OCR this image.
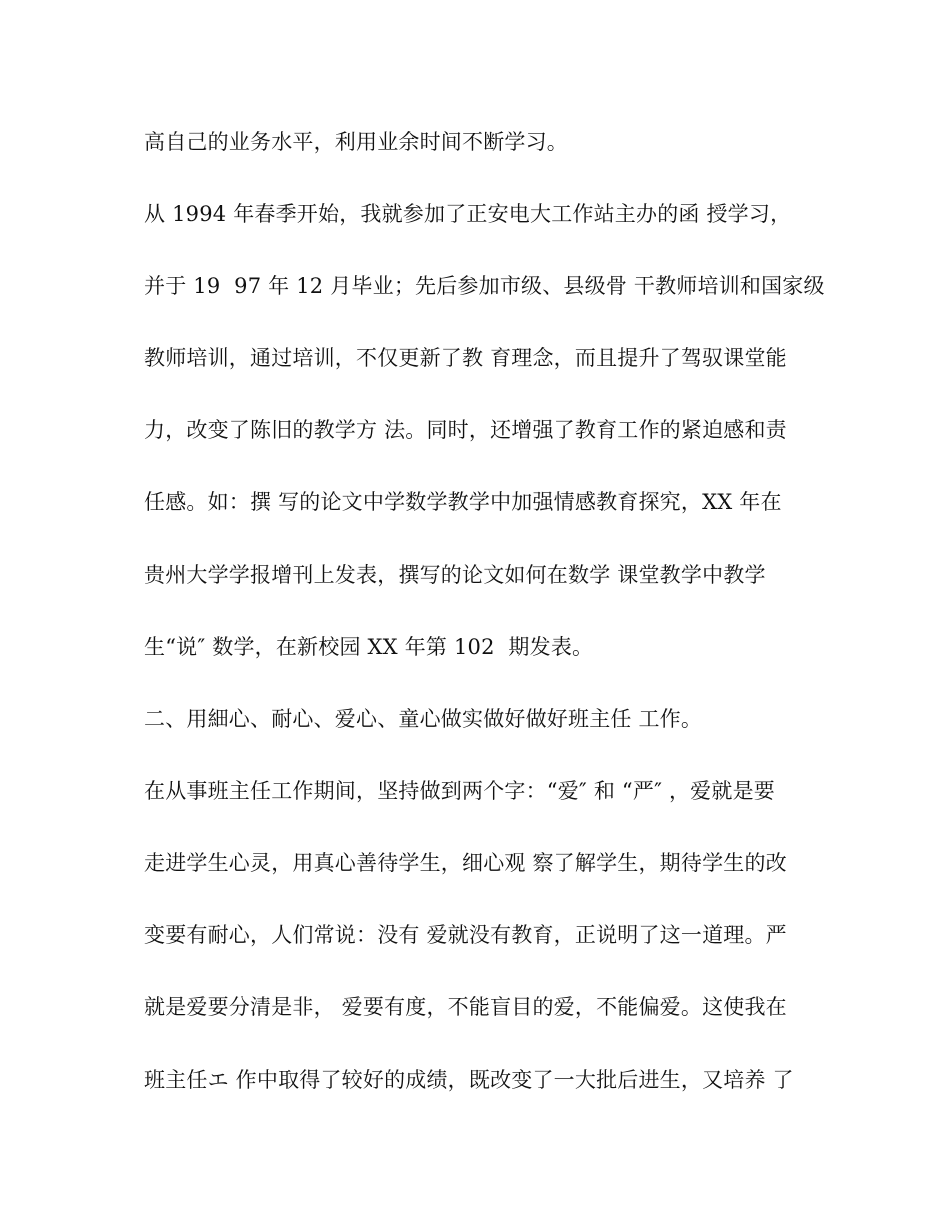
高自己的业务水平，利用业余时间不断学习。

从 1994 年春季开始，我就参加了正安电大工作站主办的函 授学习，

并于 19  97 年 12 月毕业；先后参加市级、县级骨 干教师培训和国家级

教师培训，通过培训，不仅更新了教 育理念，而且提升了驾驭课堂能

力，改变了陈旧的教学方 法。同时，还增强了教育工作的紧迫感和责

任感。如：撰 写的论文中学数学教学中加强情感教育探究，XX 年在

贵州大学学报增刊上发表，撰写的论文如何在数学 课堂教学中教学

生“说″ 数学，在新校园 XX 年第 102  期发表。

二、用細心、耐心、爱心、童心做实做好做好班主任 工作。

在从事班主任工作期间，坚持做到两个字：“爱″ 和 “严″ ，爱就是要

走进学生心灵，用真心善待学生，细心观 察了解学生，期待学生的改

变要有耐心，人们常说：没有 爱就没有教育，正说明了这一道理。严

就是爱要分清是非， 爱要有度，不能盲目的爱，不能偏爱。这使我在

班主任エ 作中取得了较好的成绩，既改变了一大批后进生，又培养 了
